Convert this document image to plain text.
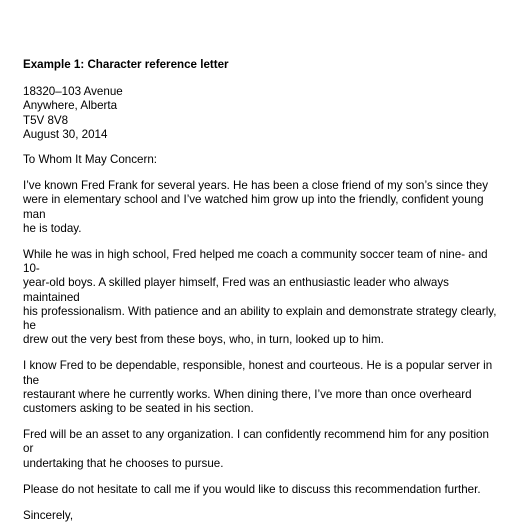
Example 1: Character reference letter
18320–103 Avenue
Anywhere, Alberta
T5V 8V8
August 30, 2014
To Whom It May Concern:
I’ve known Fred Frank for several years. He has been a close friend of my son’s since they
were in elementary school and I’ve watched him grow up into the friendly, confident young man
he is today.
While he was in high school, Fred helped me coach a community soccer team of nine- and 10-
year-old boys. A skilled player himself, Fred was an enthusiastic leader who always maintained
his professionalism. With patience and an ability to explain and demonstrate strategy clearly, he
drew out the very best from these boys, who, in turn, looked up to him.
I know Fred to be dependable, responsible, honest and courteous. He is a popular server in the
restaurant where he currently works. When dining there, I’ve more than once overheard
customers asking to be seated in his section.
Fred will be an asset to any organization. I can confidently recommend him for any position or
undertaking that he chooses to pursue.
Please do not hesitate to call me if you would like to discuss this recommendation further.
Sincerely,
